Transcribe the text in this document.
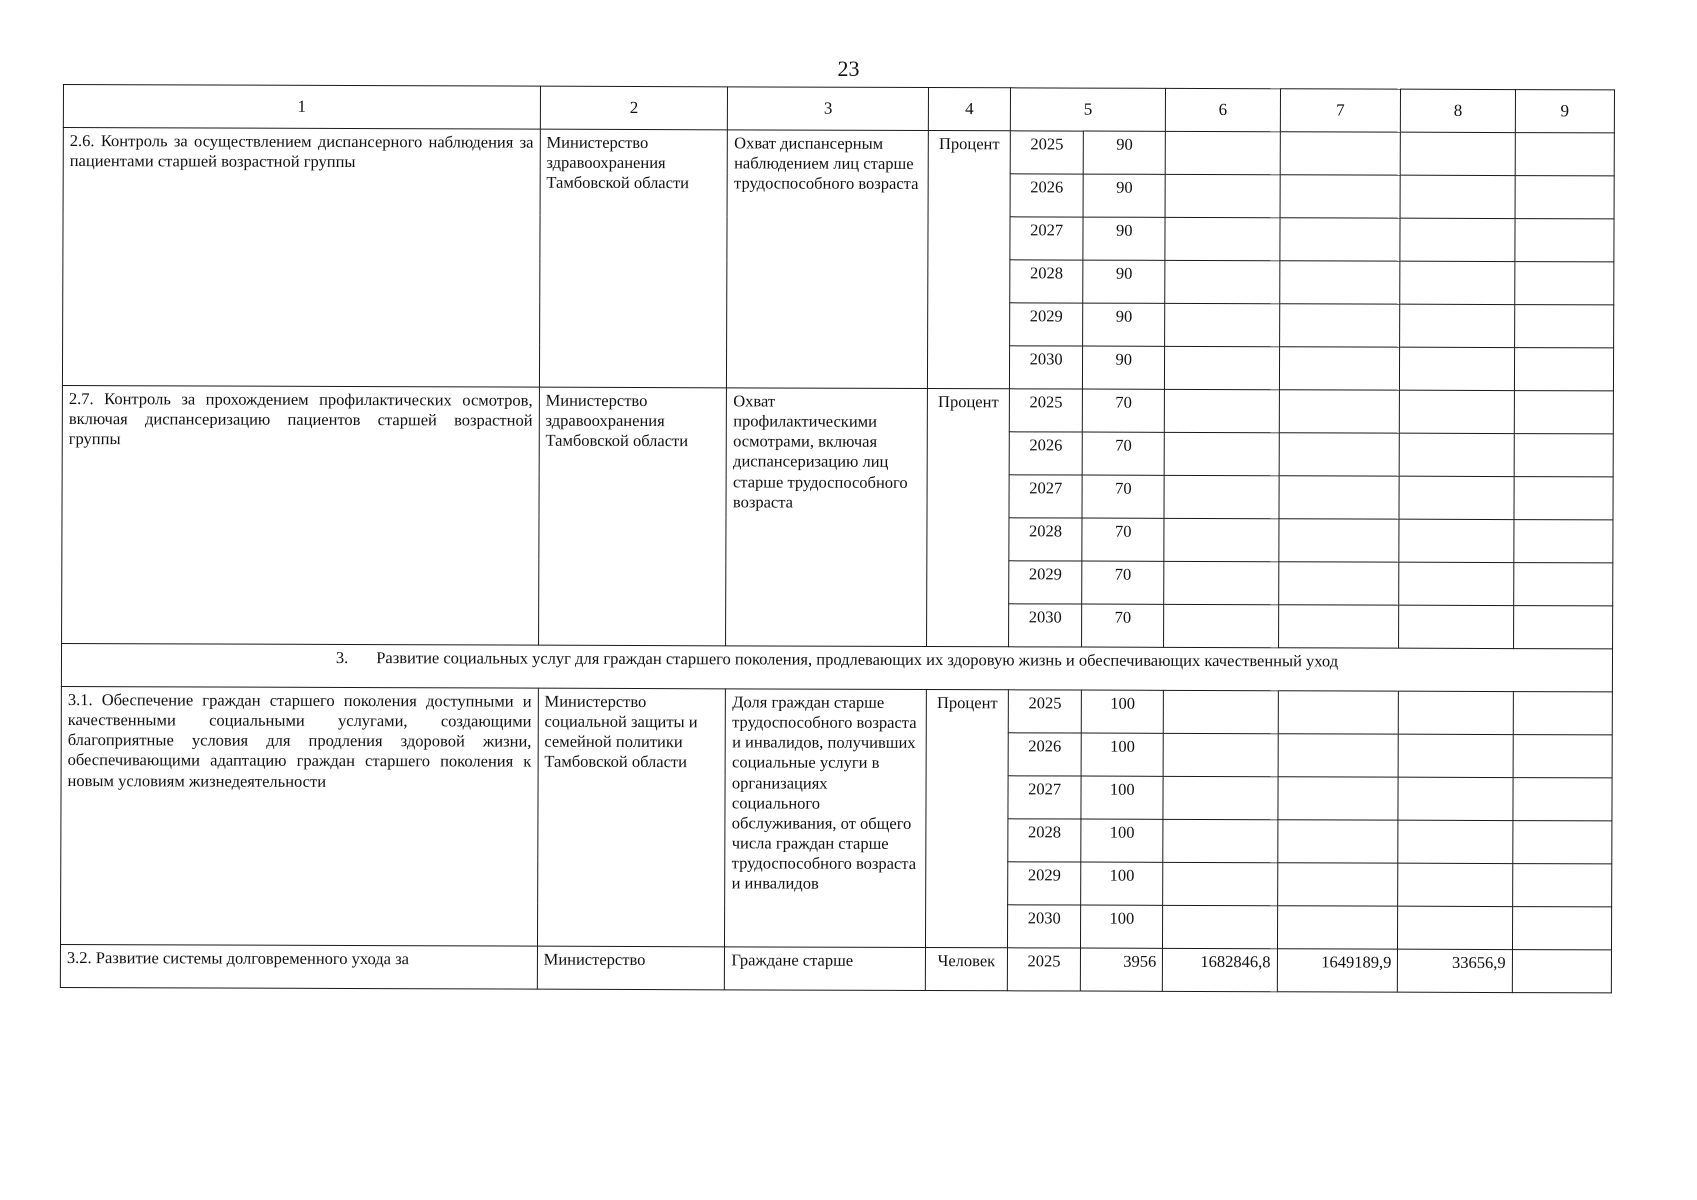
23
1	2	3	4	5		6	7	8	9
2.6. Контроль за осуществлением диспансерного наблюдения за пациентами старшей возрастной группы	Министерство здравоохранения Тамбовской области	Охват диспансерным наблюдением лиц старше трудоспособного возраста	Процент	2025	90				
				2026	90				
				2027	90				
				2028	90				
				2029	90				
				2030	90				
2.7. Контроль за прохождением профилактических осмотров, включая диспансеризацию пациентов старшей возрастной группы	Министерство здравоохранения Тамбовской области	Охват профилактическими осмотрами, включая диспансеризацию лиц старше трудоспособного возраста	Процент	2025	70				
				2026	70				
				2027	70				
				2028	70				
				2029	70				
				2030	70				
3. Развитие социальных услуг для граждан старшего поколения, продлевающих их здоровую жизнь и обеспечивающих качественный уход									
3.1. Обеспечение граждан старшего поколения доступными и качественными социальными услугами, создающими благоприятные условия для продления здоровой жизни, обеспечивающими адаптацию граждан старшего поколения к новым условиям жизнедеятельности	Министерство социальной защиты и семейной политики Тамбовской области	Доля граждан старше трудоспособного возраста и инвалидов, получивших социальные услуги в организациях социального обслуживания, от общего числа граждан старше трудоспособного возраста и инвалидов	Процент	2025	100				
				2026	100				
				2027	100				
				2028	100				
				2029	100				
				2030	100				
3.2. Развитие системы долговременного ухода за	Министерство	Граждане старше	Человек	2025	3956	1682846,8	1649189,9	33656,9	
